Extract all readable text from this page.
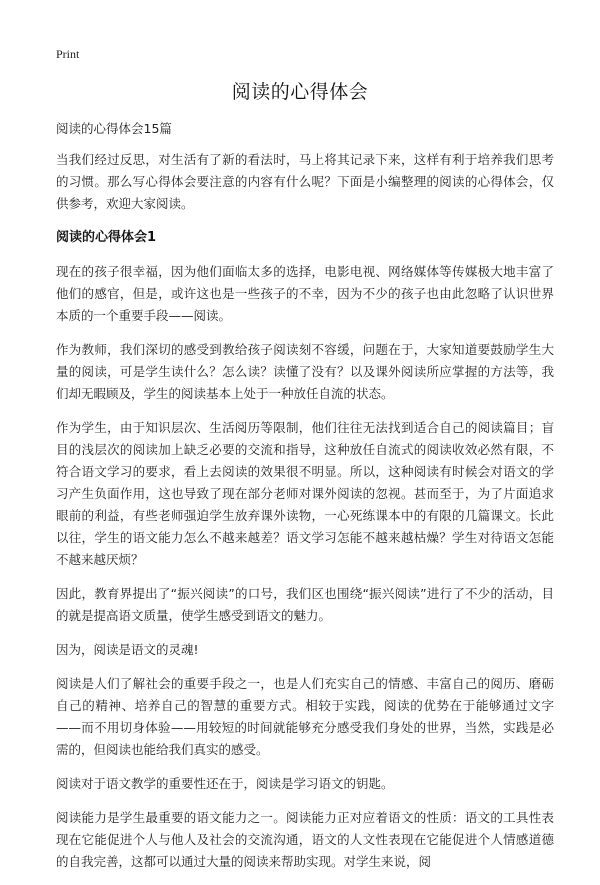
Print
阅读的心得体会
阅读的心得体会15篇

当我们经过反思，对生活有了新的看法时，马上将其记录下来，这样有利于培养我们思考的习惯。那么写心得体会要注意的内容有什么呢？下面是小编整理的阅读的心得体会，仅供参考，欢迎大家阅读。

阅读的心得体会1

现在的孩子很幸福，因为他们面临太多的选择，电影电视、网络媒体等传媒极大地丰富了他们的感官，但是，或许这也是一些孩子的不幸，因为不少的孩子也由此忽略了认识世界本质的一个重要手段——阅读。

作为教师，我们深切的感受到教给孩子阅读刻不容缓，问题在于，大家知道要鼓励学生大量的阅读，可是学生读什么？怎么读？读懂了没有？以及课外阅读所应掌握的方法等，我们却无暇顾及，学生的阅读基本上处于一种放任自流的状态。

作为学生，由于知识层次、生活阅历等限制，他们往往无法找到适合自己的阅读篇目；盲目的浅层次的阅读加上缺乏必要的交流和指导，这种放任自流式的阅读收效必然有限，不符合语文学习的要求，看上去阅读的效果很不明显。所以，这种阅读有时候会对语文的学习产生负面作用，这也导致了现在部分老师对课外阅读的忽视。甚而至于，为了片面追求眼前的利益，有些老师强迫学生放弃课外读物，一心死练课本中的有限的几篇课文。长此以往，学生的语文能力怎么不越来越差？语文学习怎能不越来越枯燥？学生对待语文怎能不越来越厌烦？

因此，教育界提出了“振兴阅读”的口号，我们区也围绕“振兴阅读”进行了不少的活动，目的就是提高语文质量，使学生感受到语文的魅力。

因为，阅读是语文的灵魂!

阅读是人们了解社会的重要手段之一，也是人们充实自己的情感、丰富自己的阅历、磨砺自己的精神、培养自己的智慧的重要方式。相较于实践，阅读的优势在于能够通过文字——而不用切身体验——用较短的时间就能够充分感受我们身处的世界，当然，实践是必需的，但阅读也能给我们真实的感受。

阅读对于语文教学的重要性还在于，阅读是学习语文的钥匙。

阅读能力是学生最重要的语文能力之一。阅读能力正对应着语文的性质：语文的工具性表现在它能促进个人与他人及社会的交流沟通，语文的人文性表现在它能促进个人情感道德的自我完善，这都可以通过大量的阅读来帮助实现。对学生来说，阅
